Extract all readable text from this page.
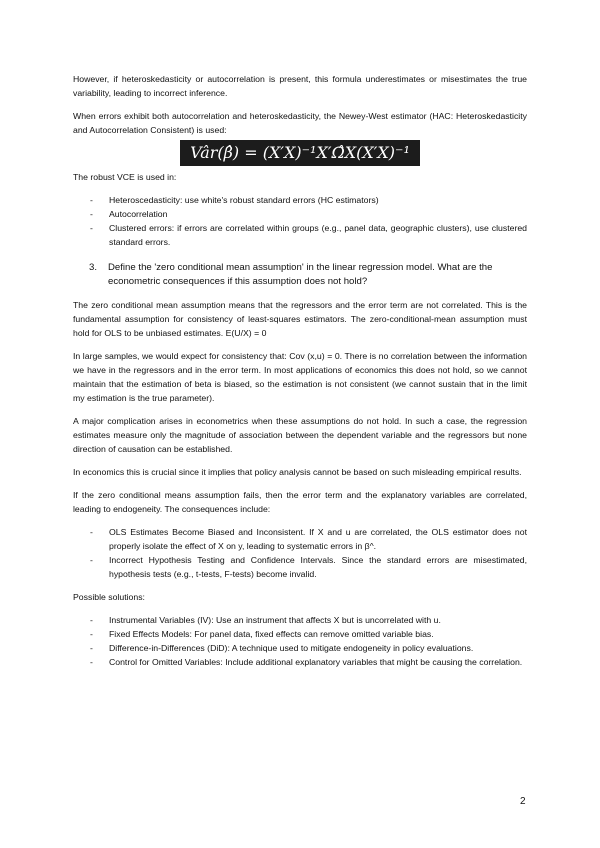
However, if heteroskedasticity or autocorrelation is present, this formula underestimates or misestimates the true variability, leading to incorrect inference.

When errors exhibit both autocorrelation and heteroskedasticity, the Newey-West estimator (HAC: Heteroskedasticity and Autocorrelation Consistent) is used:

Vâr(β̂) = (X′X)⁻¹X′Ω̂X(X′X)⁻¹

The robust VCE is used in:

- Heteroscedasticity: use white's robust standard errors (HC estimators)
- Autocorrelation
- Clustered errors: if errors are correlated within groups (e.g., panel data, geographic clusters), use clustered standard errors.
3.	Define the 'zero conditional mean assumption' in the linear regression model. What are the econometric consequences if this assumption does not hold?

The zero conditional mean assumption means that the regressors and the error term are not correlated. This is the fundamental assumption for consistency of least-squares estimators. The zero-conditional-mean assumption must hold for OLS to be unbiased estimates. E(U/X) = 0

In large samples, we would expect for consistency that: Cov (x,u) = 0. There is no correlation between the information we have in the regressors and in the error term. In most applications of economics this does not hold, so we cannot maintain that the estimation of beta is biased, so the estimation is not consistent (we cannot sustain that in the limit my estimation is the true parameter).

A major complication arises in econometrics when these assumptions do not hold. In such a case, the regression estimates measure only the magnitude of association between the dependent variable and the regressors but none direction of causation can be established.

In economics this is crucial since it implies that policy analysis cannot be based on such misleading empirical results.

If the zero conditional means assumption fails, then the error term and the explanatory variables are correlated, leading to endogeneity. The consequences include:

- OLS Estimates Become Biased and Inconsistent. If X and u are correlated, the OLS estimator does not properly isolate the effect of X on y, leading to systematic errors in β^.
- Incorrect Hypothesis Testing and Confidence Intervals. Since the standard errors are misestimated, hypothesis tests (e.g., t-tests, F-tests) become invalid.

Possible solutions:

- Instrumental Variables (IV): Use an instrument that affects X but is uncorrelated with u.
- Fixed Effects Models: For panel data, fixed effects can remove omitted variable bias.
- Difference-in-Differences (DiD): A technique used to mitigate endogeneity in policy evaluations.
- Control for Omitted Variables: Include additional explanatory variables that might be causing the correlation.
2
